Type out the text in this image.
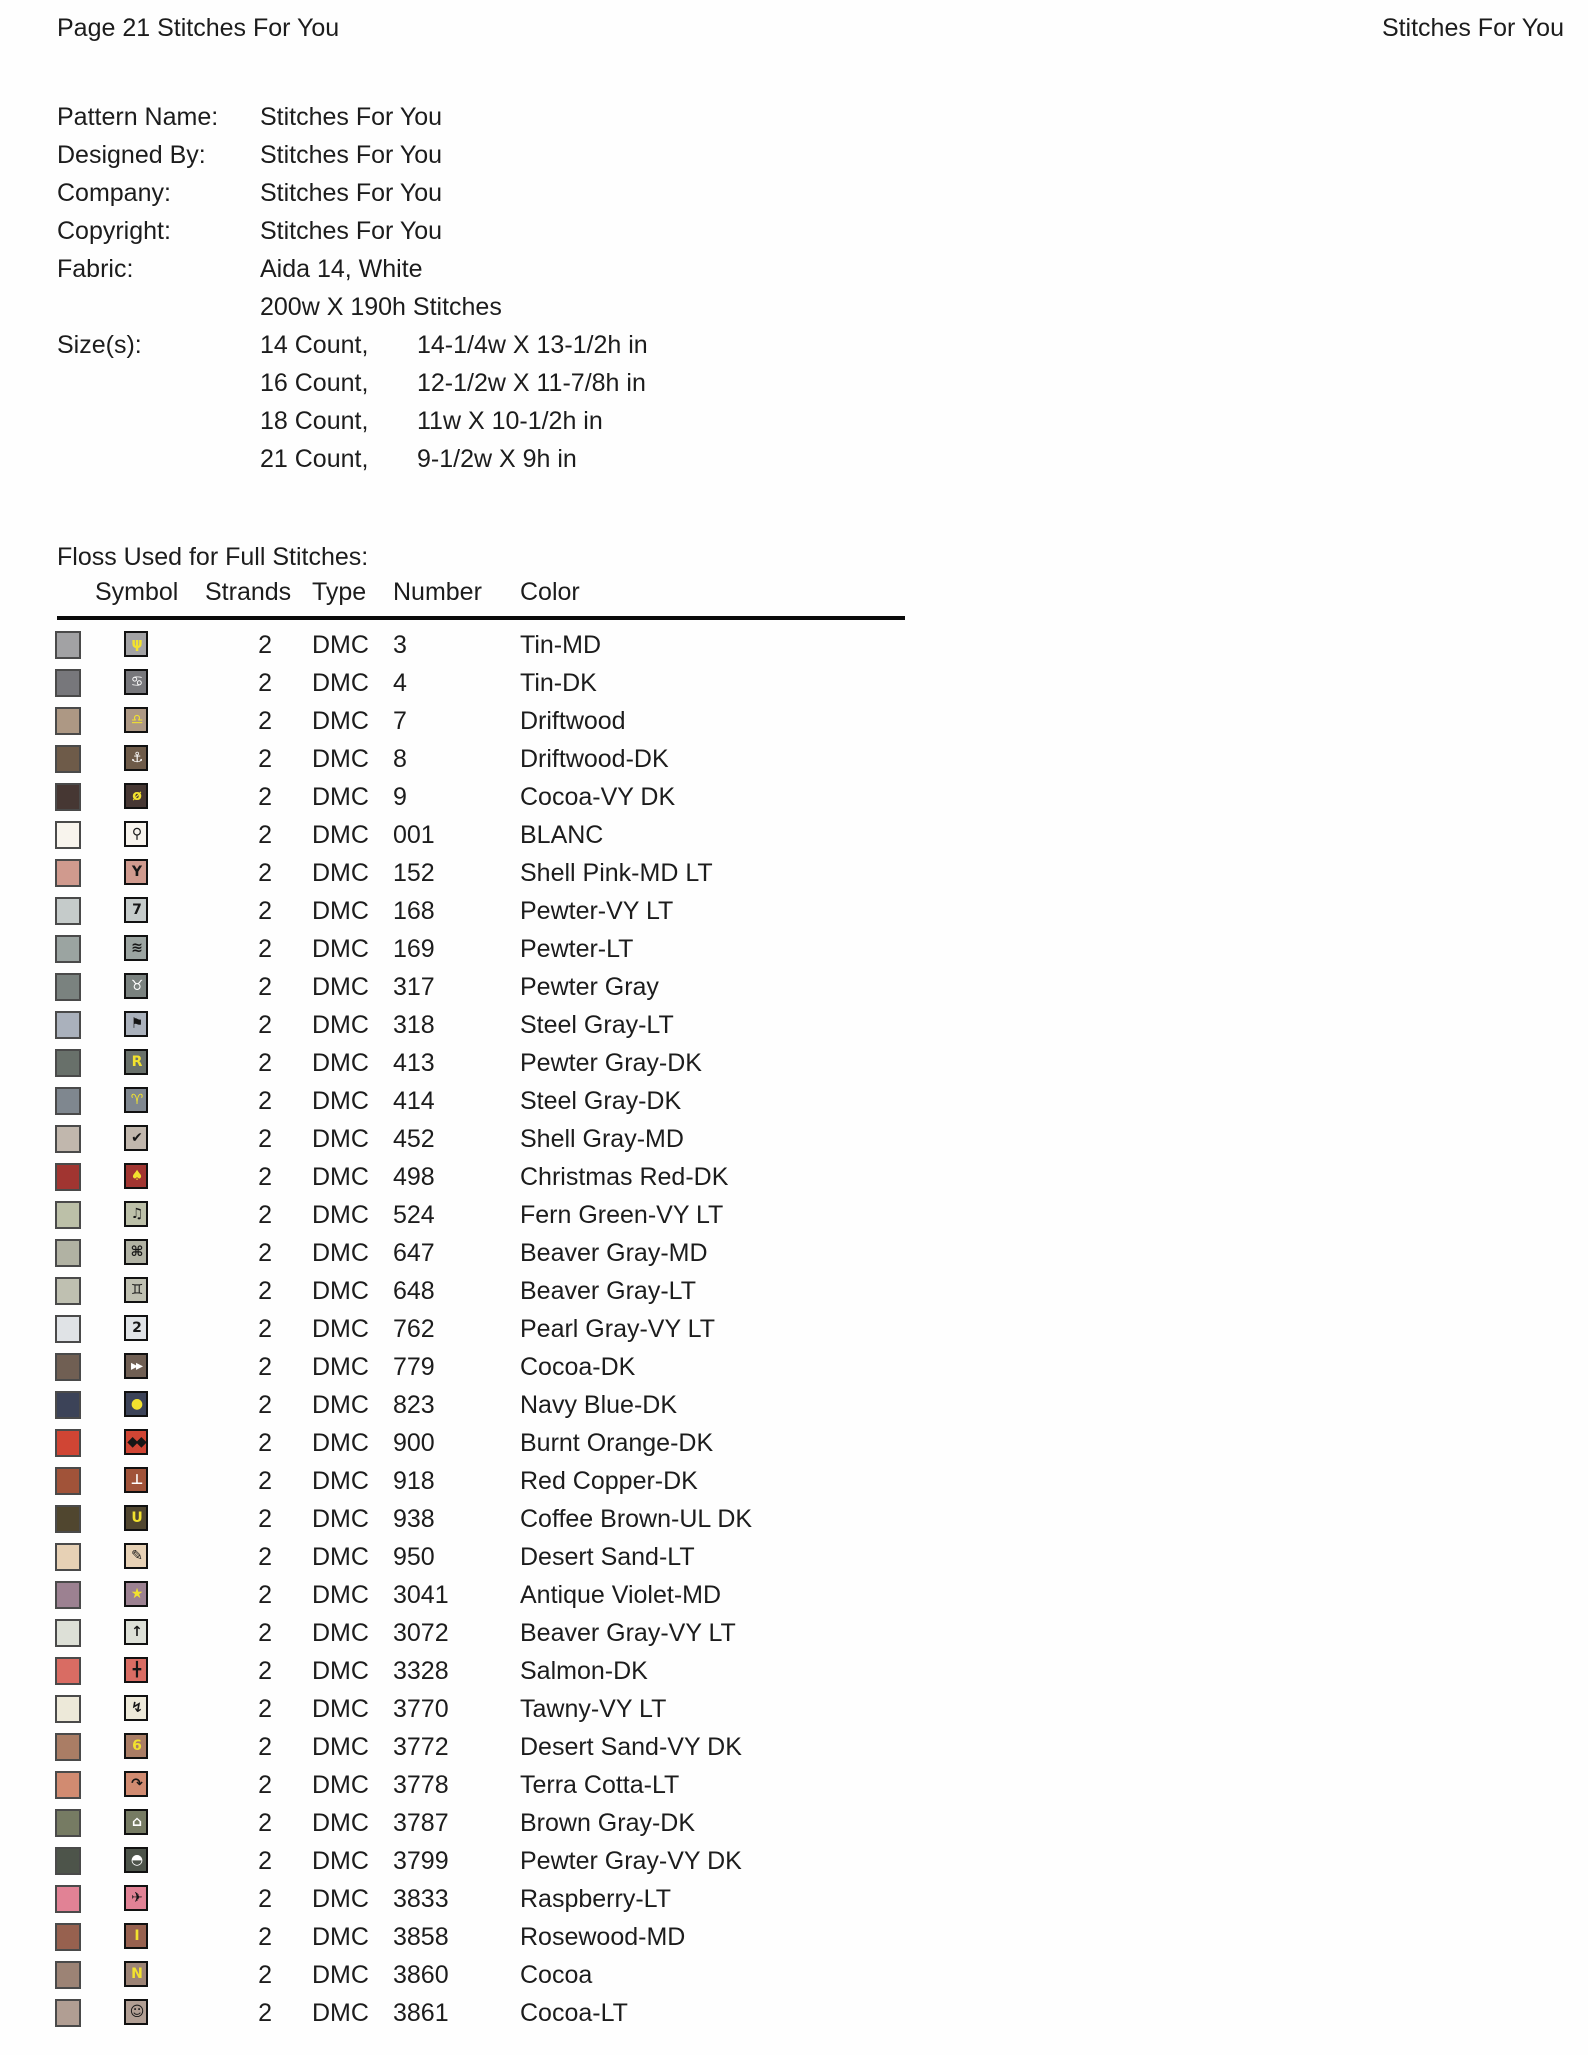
Page 21 Stitches For You	Stitches For You
Pattern Name:	Stitches For You
Designed By:	Stitches For You
Company:	Stitches For You
Copyright:	Stitches For You
Fabric:	Aida 14, White
200w X 190h Stitches
Size(s):	14 Count,	14-1/4w X 13-1/2h in
16 Count,	12-1/2w X 11-7/8h in
18 Count,	11w X 10-1/2h in
21 Count,	9-1/2w X 9h in
Floss Used for Full Stitches:
Symbol Strands Type Number Color
ψ	2 DMC 3	Tin-MD
♋	2 DMC 4	Tin-DK
♎	2 DMC 7	Driftwood
⚓	2 DMC 8	Driftwood-DK
ø	2 DMC 9	Cocoa-VY DK
⚲	2 DMC 001	BLANC
Y	2 DMC 152	Shell Pink-MD LT
7	2 DMC 168	Pewter-VY LT
≋	2 DMC 169	Pewter-LT
♉	2 DMC 317	Pewter Gray
⚑	2 DMC 318	Steel Gray-LT
R	2 DMC 413	Pewter Gray-DK
♈	2 DMC 414	Steel Gray-DK
✔	2 DMC 452	Shell Gray-MD
♠	2 DMC 498	Christmas Red-DK
♫	2 DMC 524	Fern Green-VY LT
⌘	2 DMC 647	Beaver Gray-MD
♊	2 DMC 648	Beaver Gray-LT
2	2 DMC 762	Pearl Gray-VY LT
▸▸	2 DMC 779	Cocoa-DK
●	2 DMC 823	Navy Blue-DK
◆◆	2 DMC 900	Burnt Orange-DK
⊥	2 DMC 918	Red Copper-DK
U	2 DMC 938	Coffee Brown-UL DK
✎	2 DMC 950	Desert Sand-LT
★	2 DMC 3041	Antique Violet-MD
↑	2 DMC 3072	Beaver Gray-VY LT
╋	2 DMC 3328	Salmon-DK
↯	2 DMC 3770	Tawny-VY LT
6	2 DMC 3772	Desert Sand-VY DK
↷	2 DMC 3778	Terra Cotta-LT
⌂	2 DMC 3787	Brown Gray-DK
◓	2 DMC 3799	Pewter Gray-VY DK
✈	2 DMC 3833	Raspberry-LT
Ⅰ	2 DMC 3858	Rosewood-MD
N	2 DMC 3860	Cocoa
☺	2 DMC 3861	Cocoa-LT
